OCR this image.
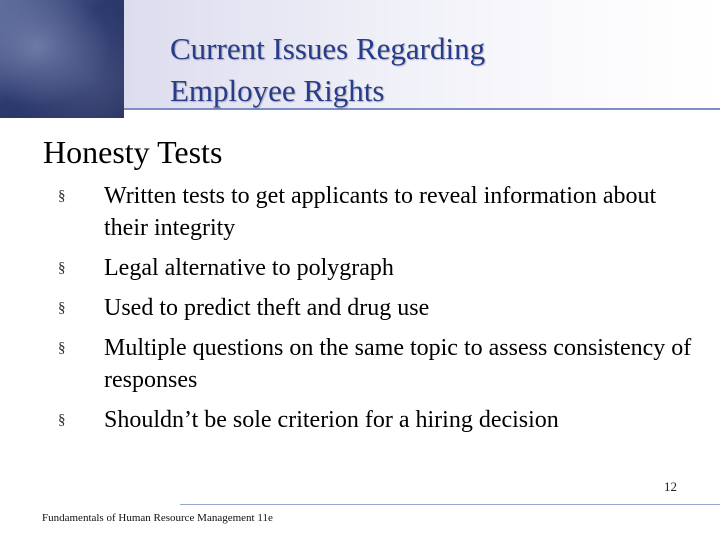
Current Issues Regarding
Employee Rights
Honesty Tests
§ Written tests to get applicants to reveal information about their integrity
§ Legal alternative to polygraph
§ Used to predict theft and drug use
§ Multiple questions on the same topic to assess consistency of responses
§ Shouldn’t be sole criterion for a hiring decision
Fundamentals of Human Resource Management 11e
12
